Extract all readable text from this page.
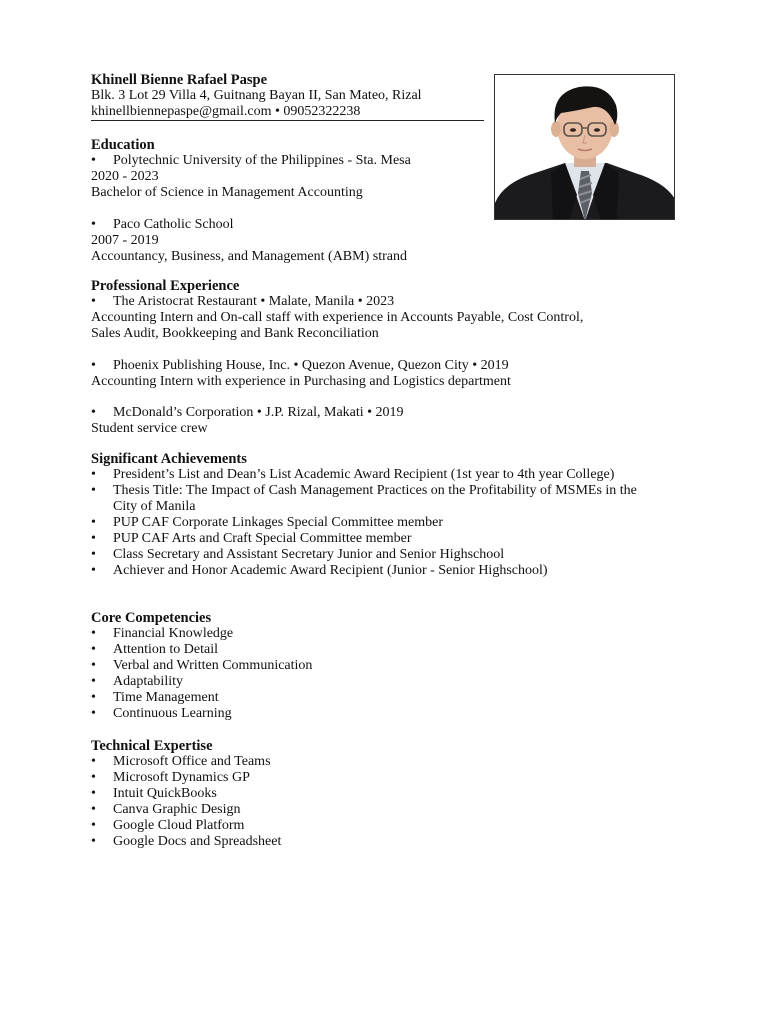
Khinell Bienne Rafael Paspe
Blk. 3 Lot 29 Villa 4, Guitnang Bayan II, San Mateo, Rizal
khinellbiennepaspe@gmail.com • 09052322238
Education
• Polytechnic University of the Philippines - Sta. Mesa
2020 - 2023
Bachelor of Science in Management Accounting
• Paco Catholic School
2007 - 2019
Accountancy, Business, and Management (ABM) strand
Professional Experience
• The Aristocrat Restaurant • Malate, Manila • 2023
Accounting Intern and On-call staff with experience in Accounts Payable, Cost Control,
Sales Audit, Bookkeeping and Bank Reconciliation
• Phoenix Publishing House, Inc. • Quezon Avenue, Quezon City • 2019
Accounting Intern with experience in Purchasing and Logistics department
• McDonald’s Corporation • J.P. Rizal, Makati • 2019
Student service crew
Significant Achievements
• President’s List and Dean’s List Academic Award Recipient (1st year to 4th year College)
• Thesis Title: The Impact of Cash Management Practices on the Profitability of MSMEs in the City of Manila
• PUP CAF Corporate Linkages Special Committee member
• PUP CAF Arts and Craft Special Committee member
• Class Secretary and Assistant Secretary Junior and Senior Highschool
• Achiever and Honor Academic Award Recipient (Junior - Senior Highschool)
Core Competencies
• Financial Knowledge
• Attention to Detail
• Verbal and Written Communication
• Adaptability
• Time Management
• Continuous Learning
Technical Expertise
• Microsoft Office and Teams
• Microsoft Dynamics GP
• Intuit QuickBooks
• Canva Graphic Design
• Google Cloud Platform
• Google Docs and Spreadsheet
